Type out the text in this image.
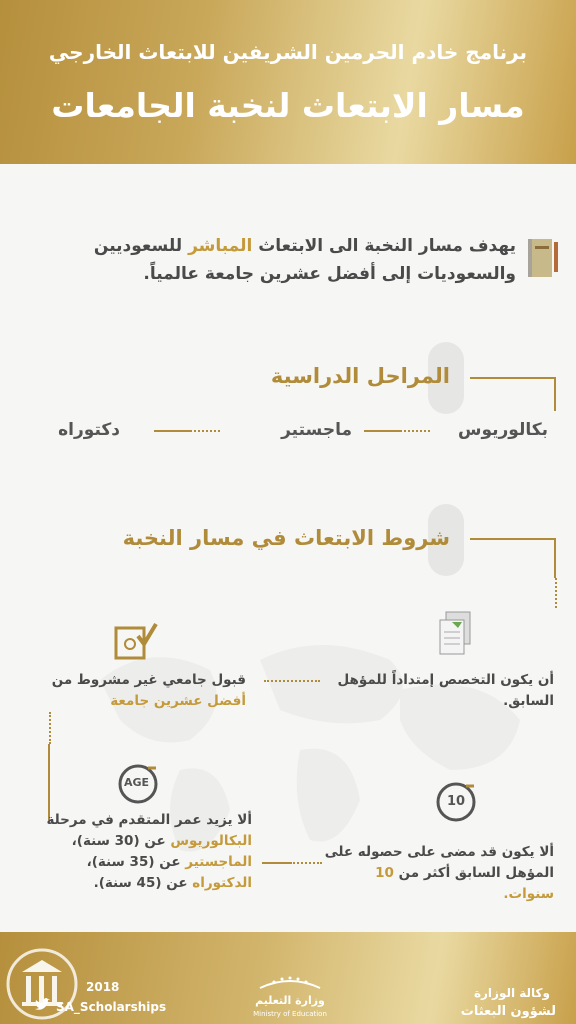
برنامج خادم الحرمين الشريفين للابتعاث الخارجي
مسار الابتعاث لنخبة الجامعات
يهدف مسار النخبة الى الابتعاث المباشر للسعوديين والسعوديات إلى أفضل عشرين جامعة عالمياً.
المراحل الدراسية
بكالوريوس
ماجستير
دكتوراه
شروط الابتعاث في مسار النخبة
أن يكون التخصص إمتداداً للمؤهل السابق.
قبول جامعي غير مشروط من
أفضل عشرين جامعة
AGE
ألا يزيد عمر المتقدم في مرحلة
البكالوريوس عن (30 سنة)،
الماجستير عن (35 سنة)،
الدكتوراه عن (45 سنة).
10
ألا يكون قد مضى على حصوله على
المؤهل السابق أكثر من 10 سنوات.
2018
SA_Scholarships	وزارة التعليم
Ministry of Education
وكالة الوزارة
لشؤون البعثات
